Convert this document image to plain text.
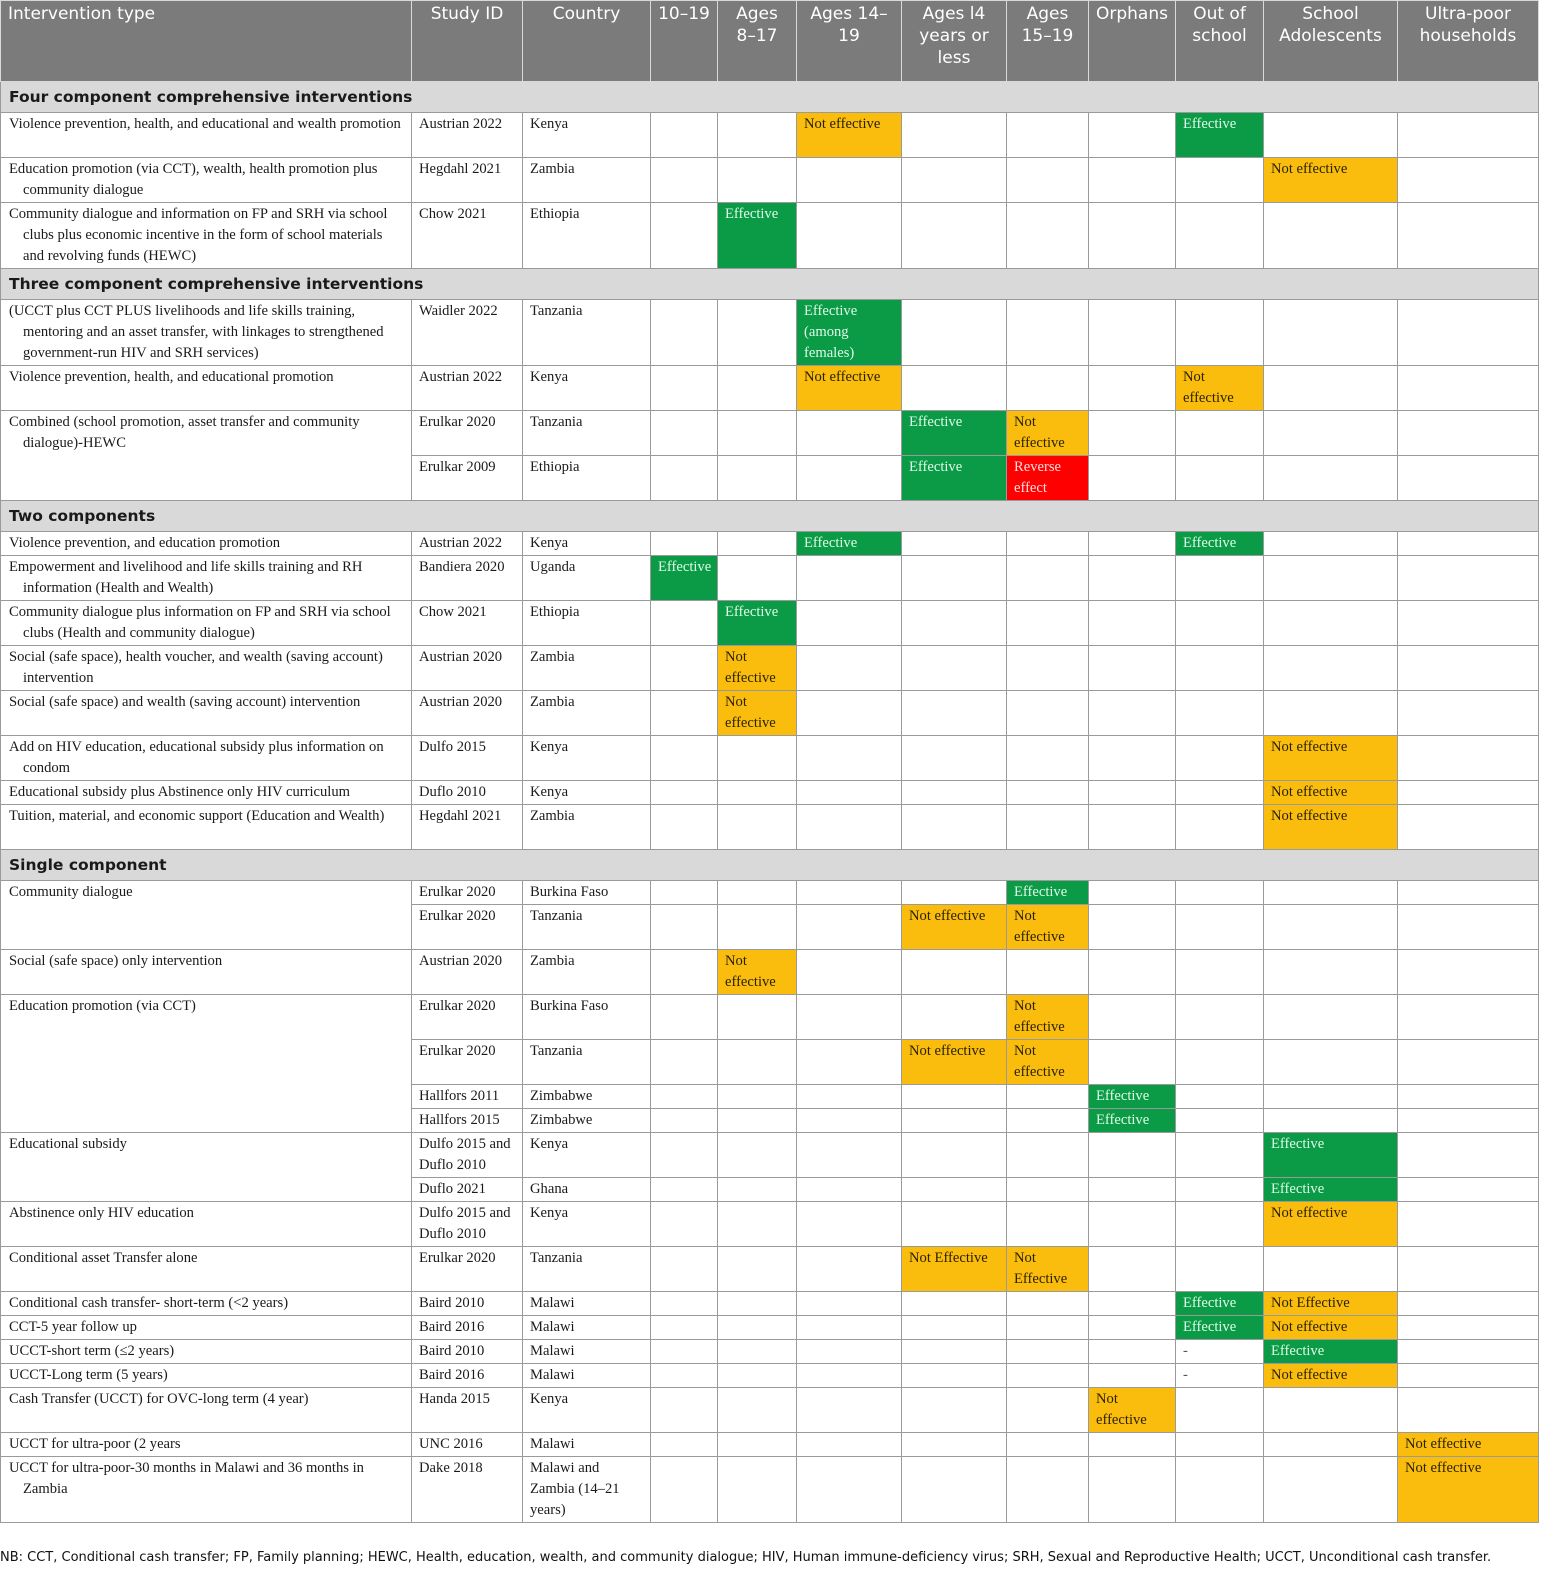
Intervention type	Study ID	Country	10–19	Ages 8–17	Ages 14–19	Ages l4 years or less	Ages 15–19	Orphans	Out of school	School Adolescents	Ultra-poor households
Four component comprehensive interventions											

Violence prevention, health, and educational and wealth promotion	Austrian 2022	Kenya			Not effective				Effective		

Education promotion (via CCT), wealth, health promotion plus community dialogue	Hegdahl 2021	Zambia								Not effective	

Community dialogue and information on FP and SRH via school clubs plus economic incentive in the form of school materials and revolving funds (HEWC)	Chow 2021	Ethiopia		Effective							
Three component comprehensive interventions											

(UCCT plus CCT PLUS livelihoods and life skills training, mentoring and an asset transfer, with linkages to strengthened government-run HIV and SRH services)	Waidler 2022	Tanzania			Effective (among females)						

Violence prevention, health, and educational promotion	Austrian 2022	Kenya			Not effective				Not effective		

Combined (school promotion, asset transfer and community dialogue)-HEWC	Erulkar 2020	Tanzania				Effective	Not effective				
	Erulkar 2009	Ethiopia				Effective	Reverse effect				
Two components											

Violence prevention, and education promotion	Austrian 2022	Kenya			Effective				Effective		

Empowerment and livelihood and life skills training and RH information (Health and Wealth)	Bandiera 2020	Uganda	Effective								

Community dialogue plus information on FP and SRH via school clubs (Health and community dialogue)	Chow 2021	Ethiopia		Effective							

Social (safe space), health voucher, and wealth (saving account) intervention	Austrian 2020	Zambia		Not effective							

Social (safe space) and wealth (saving account) intervention	Austrian 2020	Zambia		Not effective							

Add on HIV education, educational subsidy plus information on condom	Dulfo 2015	Kenya								Not effective	

Educational subsidy plus Abstinence only HIV curriculum	Duflo 2010	Kenya								Not effective	

Tuition, material, and economic support (Education and Wealth)	Hegdahl 2021	Zambia								Not effective	
Single component											

Community dialogue	Erulkar 2020	Burkina Faso					Effective				
	Erulkar 2020	Tanzania				Not effective	Not effective				

Social (safe space) only intervention	Austrian 2020	Zambia		Not effective							

Education promotion (via CCT)	Erulkar 2020	Burkina Faso					Not effective				
	Erulkar 2020	Tanzania				Not effective	Not effective				
	Hallfors 2011	Zimbabwe						Effective			
	Hallfors 2015	Zimbabwe						Effective			

Educational subsidy	Dulfo 2015 and Duflo 2010	Kenya								Effective	
	Duflo 2021	Ghana								Effective	

Abstinence only HIV education	Dulfo 2015 and Duflo 2010	Kenya								Not effective	

Conditional asset Transfer alone	Erulkar 2020	Tanzania				Not Effective	Not Effective				

Conditional cash transfer- short-term (<2 years)	Baird 2010	Malawi							Effective	Not Effective	

CCT-5 year follow up	Baird 2016	Malawi							Effective	Not effective	

UCCT-short term (≤2 years)	Baird 2010	Malawi							-	Effective	

UCCT-Long term (5 years)	Baird 2016	Malawi							-	Not effective	

Cash Transfer (UCCT) for OVC-long term (4 year)	Handa 2015	Kenya						Not effective			

UCCT for ultra-poor (2 years	UNC 2016	Malawi									Not effective

UCCT for ultra-poor-30 months in Malawi and 36 months in Zambia	Dake 2018	Malawi and Zambia (14–21 years)									Not effective
NB: CCT, Conditional cash transfer; FP, Family planning; HEWC, Health, education, wealth, and community dialogue; HIV, Human immune-deficiency virus; SRH, Sexual and Reproductive Health; UCCT, Unconditional cash transfer.
